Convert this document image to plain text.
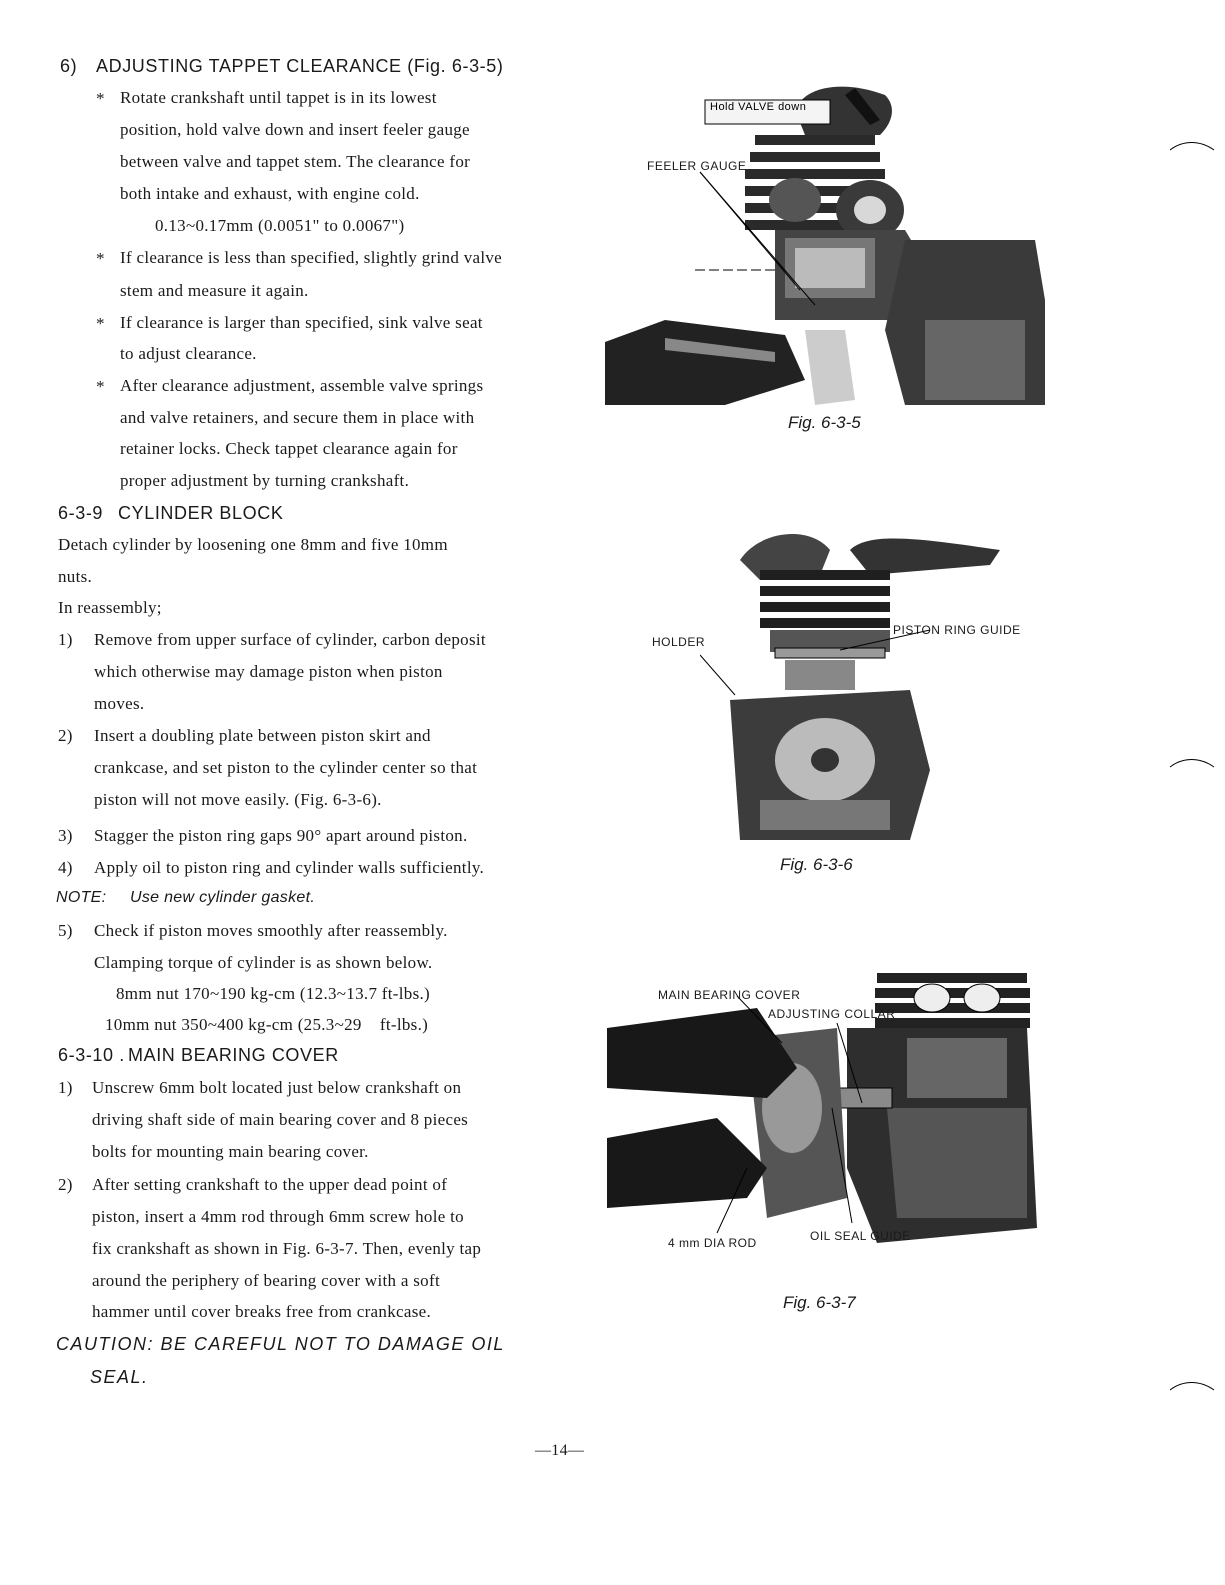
6) ADJUSTING TAPPET CLEARANCE (Fig. 6-3-5)
* Rotate crankshaft until tappet is in its lowest
position, hold valve down and insert feeler gauge
between valve and tappet stem. The clearance for
both intake and exhaust, with engine cold.
0.13~0.17mm (0.0051" to 0.0067")
* If clearance is less than specified, slightly grind valve
stem and measure it again.
* If clearance is larger than specified, sink valve seat
to adjust clearance.
* After clearance adjustment, assemble valve springs
and valve retainers, and secure them in place with
retainer locks. Check tappet clearance again for
proper adjustment by turning crankshaft.
6-3-9 CYLINDER BLOCK
Detach cylinder by loosening one 8mm and five 10mm
nuts.
In reassembly;
1) Remove from upper surface of cylinder, carbon deposit
which otherwise may damage piston when piston
moves.
2) Insert a doubling plate between piston skirt and
crankcase, and set piston to the cylinder center so that
piston will not move easily. (Fig. 6-3-6).
3) Stagger the piston ring gaps 90° apart around piston.
4) Apply oil to piston ring and cylinder walls sufficiently.
NOTE: Use new cylinder gasket.
5) Check if piston moves smoothly after reassembly.
Clamping torque of cylinder is as shown below.
8mm nut 170~190 kg-cm (12.3~13.7 ft-lbs.)
10mm nut 350~400 kg-cm (25.3~29    ft-lbs.)
6-3-10 . MAIN BEARING COVER
1) Unscrew 6mm bolt located just below crankshaft on
driving shaft side of main bearing cover and 8 pieces
bolts for mounting main bearing cover.
2) After setting crankshaft to the upper dead point of
piston, insert a 4mm rod through 6mm screw hole to
fix crankshaft as shown in Fig. 6-3-7. Then, evenly tap
around the periphery of bearing cover with a soft
hammer until cover breaks free from crankcase.
CAUTION: BE CAREFUL NOT TO DAMAGE OIL
SEAL.
—14—
Hold VALVE down
FEELER GAUGE
Fig. 6-3-5
HOLDER
PISTON RING GUIDE
Fig. 6-3-6
MAIN BEARING COVER
ADJUSTING COLLAR
4 mm DIA ROD	OIL SEAL GUIDE
Fig. 6-3-7
